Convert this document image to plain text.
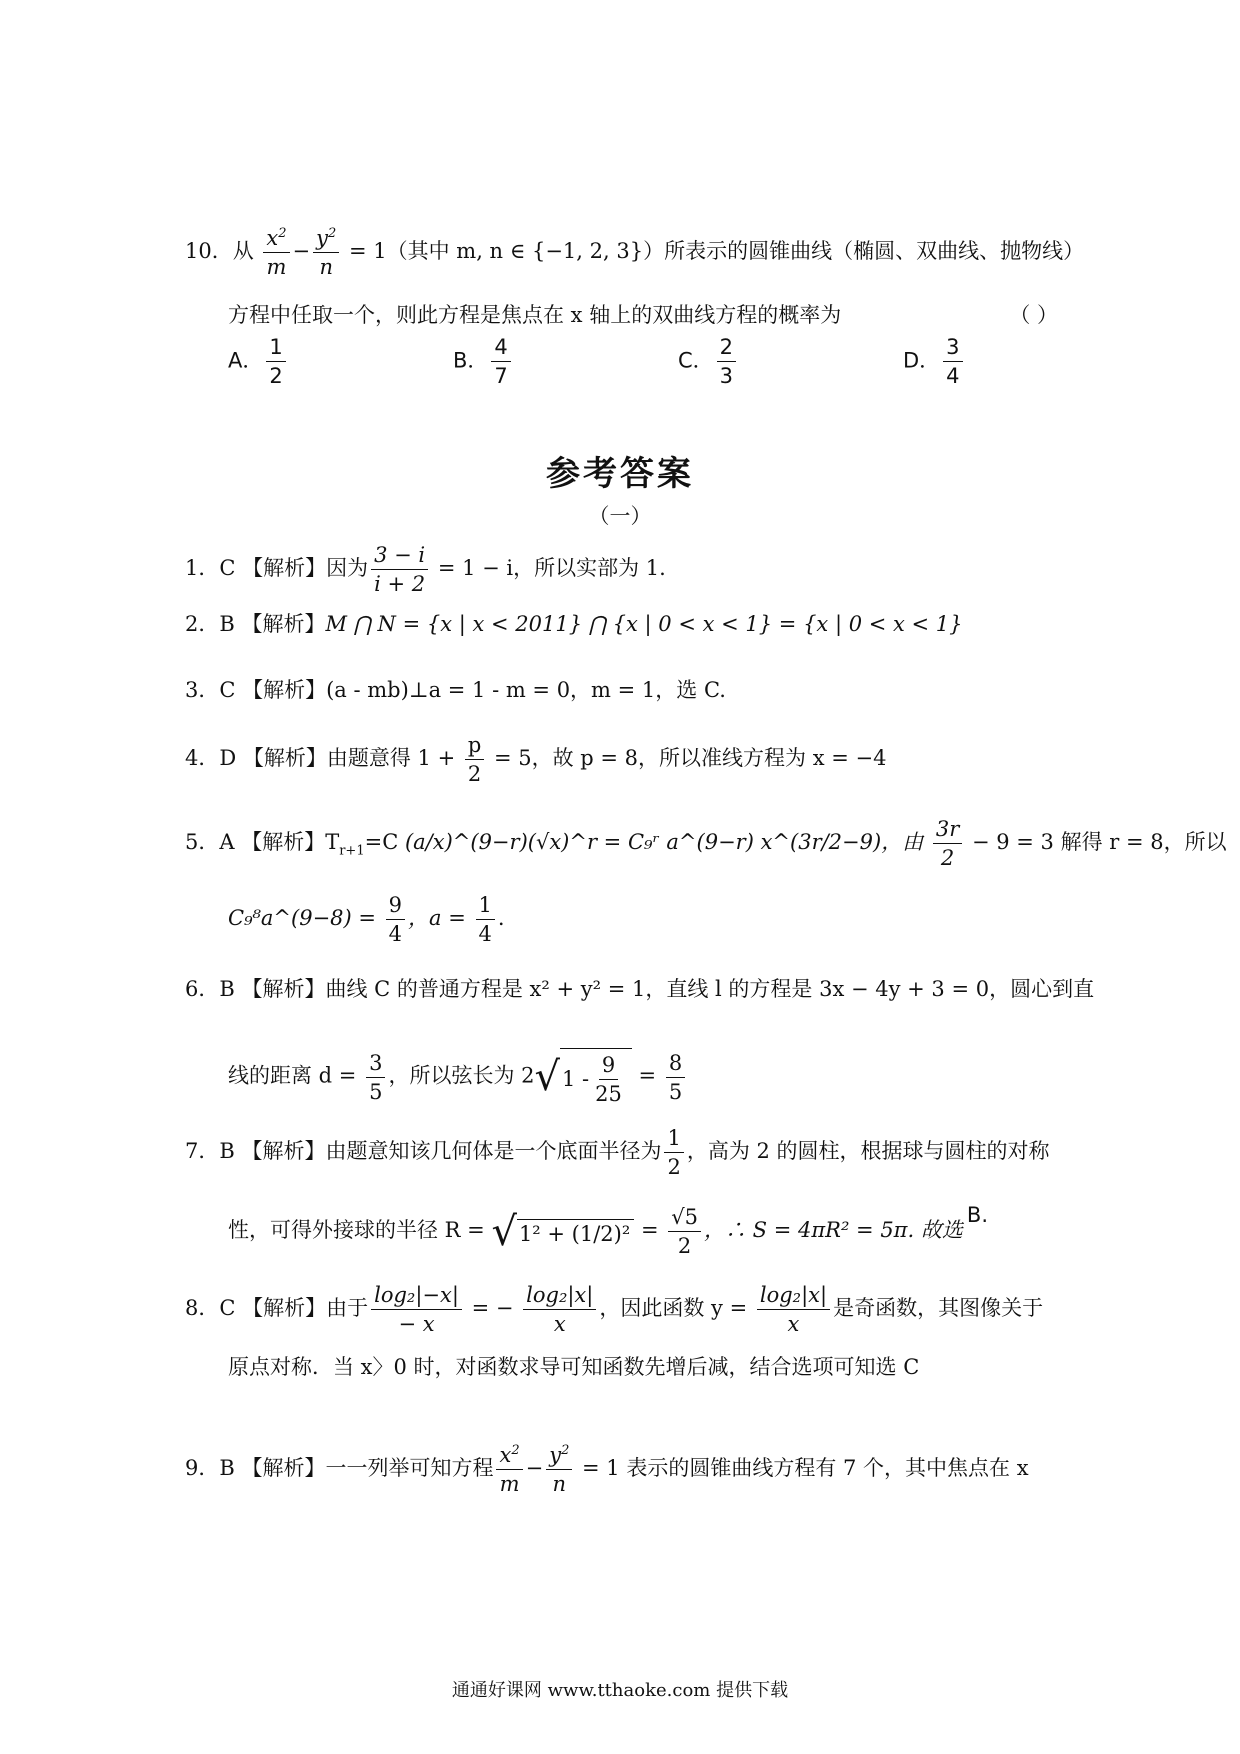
10．从 $\frac{x^2}{m} - \frac{y^2}{n} = 1$（其中 m, n ∈ {−1, 2, 3}）所表示的圆锥曲线（椭圆、双曲线、抛物线）
方程中任取一个，则此方程是焦点在 x 轴上的双曲线方程的概率为	（ ）
A． $\frac{1}{2}$	B． $\frac{4}{7}$	C． $\frac{2}{3}$	D． $\frac{3}{4}$
参考答案
（一）
1．C 【解析】因为 $\frac{3 - i}{i + 2} = 1 - i$，所以实部为 1.
2．B 【解析】M ⋂ N = {x | x < 2011} ⋂ {x | 0 < x < 1} = {x | 0 < x < 1}
3．C 【解析】(a - mb)⊥a = 1 - m = 0，m = 1，选 C.
4．D 【解析】由题意得 $1 + \frac{p}{2} = 5$，故 p = 8，所以准线方程为 x = −4
5．A 【解析】$T_{r+1}=C$ (a/x)^(9−r)(√x)^r = C₉ʳ a^(9−r) x^(3r/2−9)，由 $\frac{3r}{2} - 9 = 3$ 解得 r = 8，所以
C₉⁸a^(9−8) = $\frac{9}{4}$ ，$a = \frac{1}{4}$ .
6．B 【解析】曲线 C 的普通方程是 x² + y² = 1，直线 l 的方程是 3x − 4y + 3 = 0，圆心到直
线的距离 $d = \frac{3}{5}$ ，所以弦长为 2 √ $1 - \frac{9}{25} = \frac{8}{5}$
7．B 【解析】由题意知该几何体是一个底面半径为 $\frac{1}{2}$ ，高为 2 的圆柱，根据球与圆柱的对称
性，可得外接球的半径 R = √ $1^2 + (1/2)^2 = \frac{√5}{2}$ ，∴ S = 4πR² = 5π. 故选
B.
8．C 【解析】由于 $\frac{\text{log₂|−x|}}{- x}$ = − $\frac{\text{log₂|x|}}{x}$ ，因此函数 $y = \frac{\text{log₂|x|}}{x}$ 是奇函数，其图像关于
原点对称．当 x〉0 时，对函数求导可知函数先增后减，结合选项可知选 C
9．B 【解析】一一列举可知方程 $\frac{x^2}{m} - \frac{y^2}{n} = 1$ 表示的圆锥曲线方程有 7 个，其中焦点在 x
通通好课网 www.tthaoke.com 提供下载
